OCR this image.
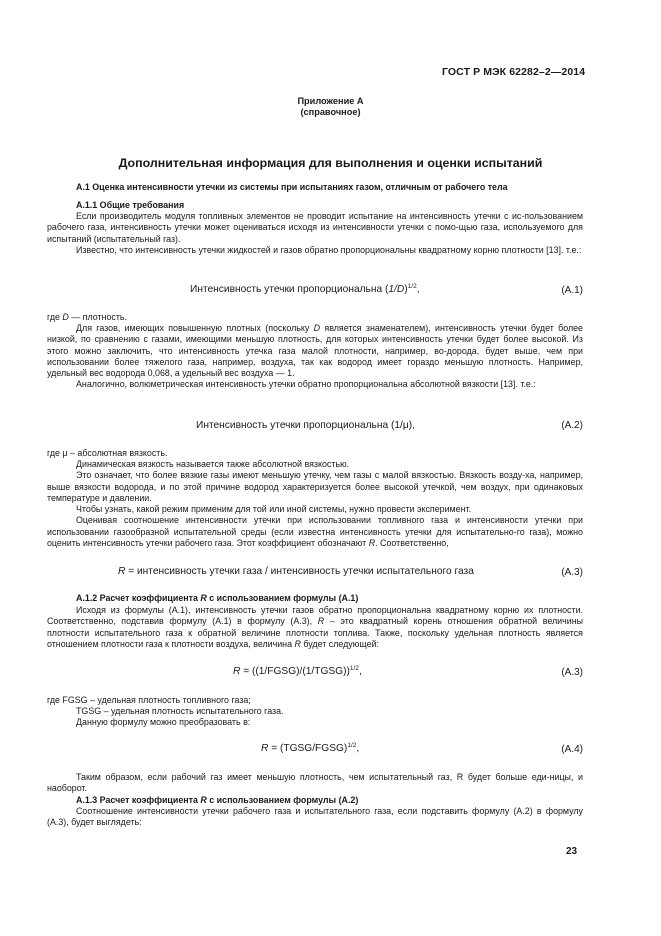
ГОСТ Р МЭК 62282–2—2014
Приложение А
(справочное)
Дополнительная информация для выполнения и оценки испытаний
А.1 Оценка интенсивности утечки из системы при испытаниях газом, отличным от рабочего тела
А.1.1 Общие требования

Если производитель модуля топливных элементов не проводит испытание на интенсивность утечки с ис-пользованием рабочего газа, интенсивность утечки может оцениваться исходя из интенсивности утечки с помо-щью газа, используемого для испытаний (испытательный газ).

Известно, что интенсивность утечки жидкостей и газов обратно пропорциональны квадратному корню плотности [13]. т.е.:

Интенсивность утечки пропорциональна $(1/D)^{1/2}$,	(А.1)
где D — плотность.

Для газов, имеющих повышенную плотных (поскольку D является знаменателем), интенсивность утечки будет более низкой, по сравнению с газами, имеющими меньшую плотность, для которых интенсивность утечки будет более высокой. Из этого можно заключить, что интенсивность утечка газа малой плотности, например, во-дорода, будет выше, чем при использовании более тяжелого газа, например, воздуха, так как водород имеет гораздо меньшую плотность. Например, удельный вес водорода 0,068, а удельный вес воздуха — 1.

Аналогично, волюметрическая интенсивность утечки обратно пропорциональна абсолютной вязкости [13]. т.е.:

Интенсивность утечки пропорциональна (1/μ),	(А.2)
где μ – абсолютная вязкость.

Динамическая вязкость называется также абсолютной вязкостью.

Это означает, что более вязкие газы имеют меньшую утечку, чем газы с малой вязкостью. Вязкость возду-ха, например, выше вязкости водорода, и по этой причине водород характеризуется более высокой утечкой, чем воздух, при одинаковых температуре и давлении.

Чтобы узнать, какой режим применим для той или иной системы, нужно провести эксперимент.

Оценивая соотношение интенсивности утечки при использовании топливного газа и интенсивности утечки при использовании газообразной испытательной среды (если известна интенсивность утечки для испытательно-го газа), можно оценить интенсивность утечки рабочего газа. Этот коэффициент обозначают R. Соответственно,

R = интенсивность утечки газа / интенсивность утечки испытательного газа	(А.3)
А.1.2 Расчет коэффициента R с использованием формулы (А.1)

Исходя из формулы (А.1), интенсивность утечки газов обратно пропорциональна квадратному корню их плотности. Соответственно, подставив формулу (А.1) в формулу (А.3), R – это квадратный корень отношения обратной величины плотности испытательного газа к обратной величине плотности топлива. Также, поскольку удельная плотность является отношением плотности газа к плотности воздуха, величина R будет следующей:

R = ((1/FGSG)/(1/TGSG))$^{1/2}$,	(А.3)
где FGSG – удельная плотность топливного газа;
TGSG – удельная плотность испытательного газа.
Данную формулу можно преобразовать в:
R = (TGSG/FGSG)$^{1/2}$,	(А.4)

Таким образом, если рабочий газ имеет меньшую плотность, чем испытательный газ, R будет больше еди-ницы, и наоборот.

А.1.3 Расчет коэффициента R с использованием формулы (А.2)

Соотношение интенсивности утечки рабочего газа и испытательного газа, если подставить формулу (А.2) в формулу (А.3), будет выглядеть:

23
